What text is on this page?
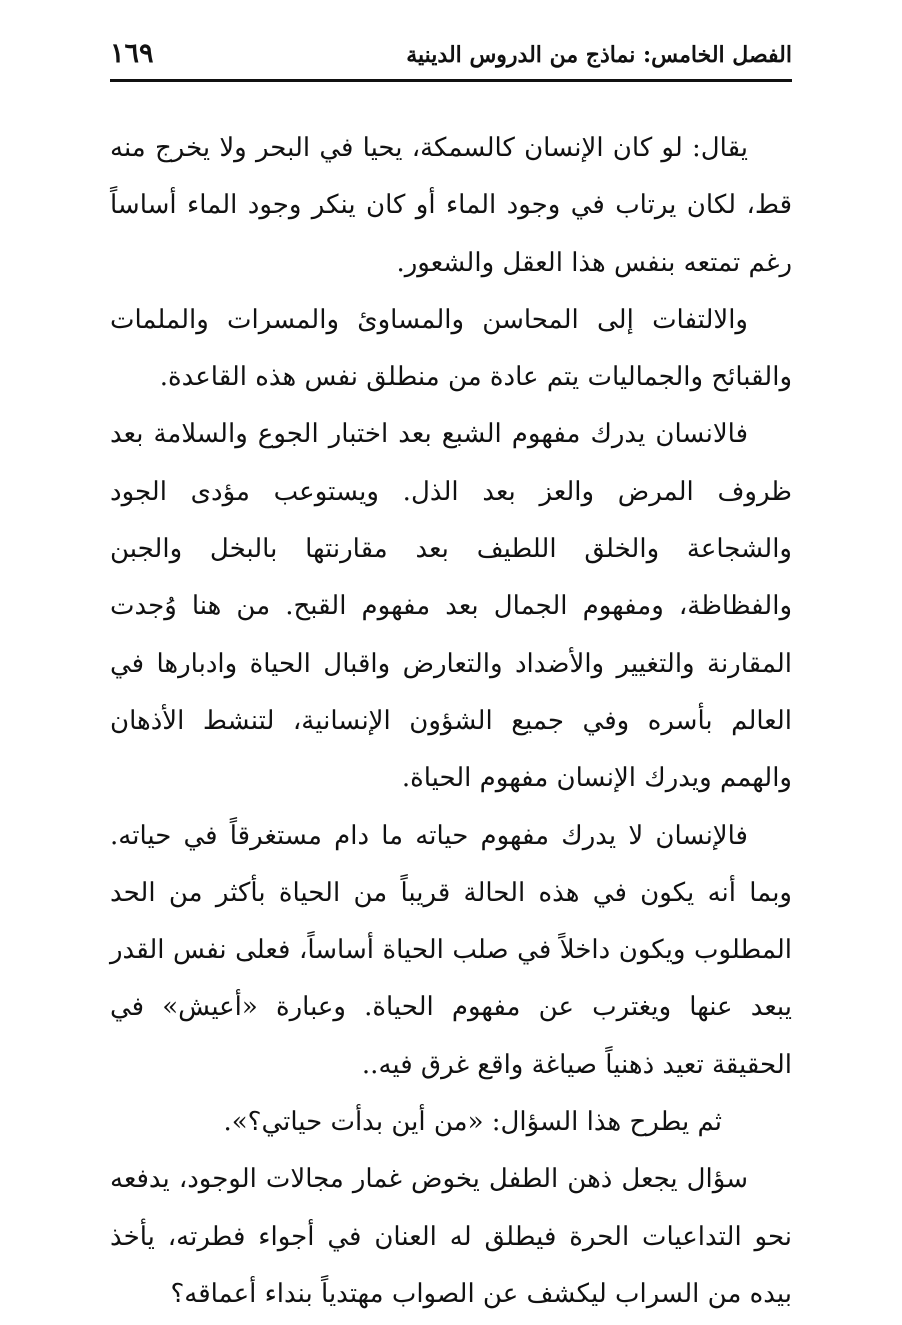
الفصل الخامس: نماذج من الدروس الدينية
١٦٩

يقال: لو كان الإنسان كالسمكة، يحيا في البحر ولا يخرج منه قط، لكان يرتاب في وجود الماء أو كان ينكر وجود الماء أساساً رغم تمتعه بنفس هذا العقل والشعور.

والالتفات إلى المحاسن والمساوئ والمسرات والملمات والقبائح والجماليات يتم عادة من منطلق نفس هذه القاعدة.

فالانسان يدرك مفهوم الشبع بعد اختبار الجوع والسلامة بعد ظروف المرض والعز بعد الذل. ويستوعب مؤدى الجود والشجاعة والخلق اللطيف بعد مقارنتها بالبخل والجبن والفظاظة، ومفهوم الجمال بعد مفهوم القبح. من هنا وُجدت المقارنة والتغيير والأضداد والتعارض واقبال الحياة وادبارها في العالم بأسره وفي جميع الشؤون الإنسانية، لتنشط الأذهان والهمم ويدرك الإنسان مفهوم الحياة.

فالإنسان لا يدرك مفهوم حياته ما دام مستغرقاً في حياته. وبما أنه يكون في هذه الحالة قريباً من الحياة بأكثر من الحد المطلوب ويكون داخلاً في صلب الحياة أساساً، فعلى نفس القدر يبعد عنها ويغترب عن مفهوم الحياة. وعبارة «أعيش» في الحقيقة تعيد ذهنياً صياغة واقع غرق فيه..

ثم يطرح هذا السؤال: «من أين بدأت حياتي؟».

سؤال يجعل ذهن الطفل يخوض غمار مجالات الوجود، يدفعه نحو التداعيات الحرة فيطلق له العنان في أجواء فطرته، يأخذ بيده من السراب ليكشف عن الصواب مهتدياً بنداء أعماقه؟
